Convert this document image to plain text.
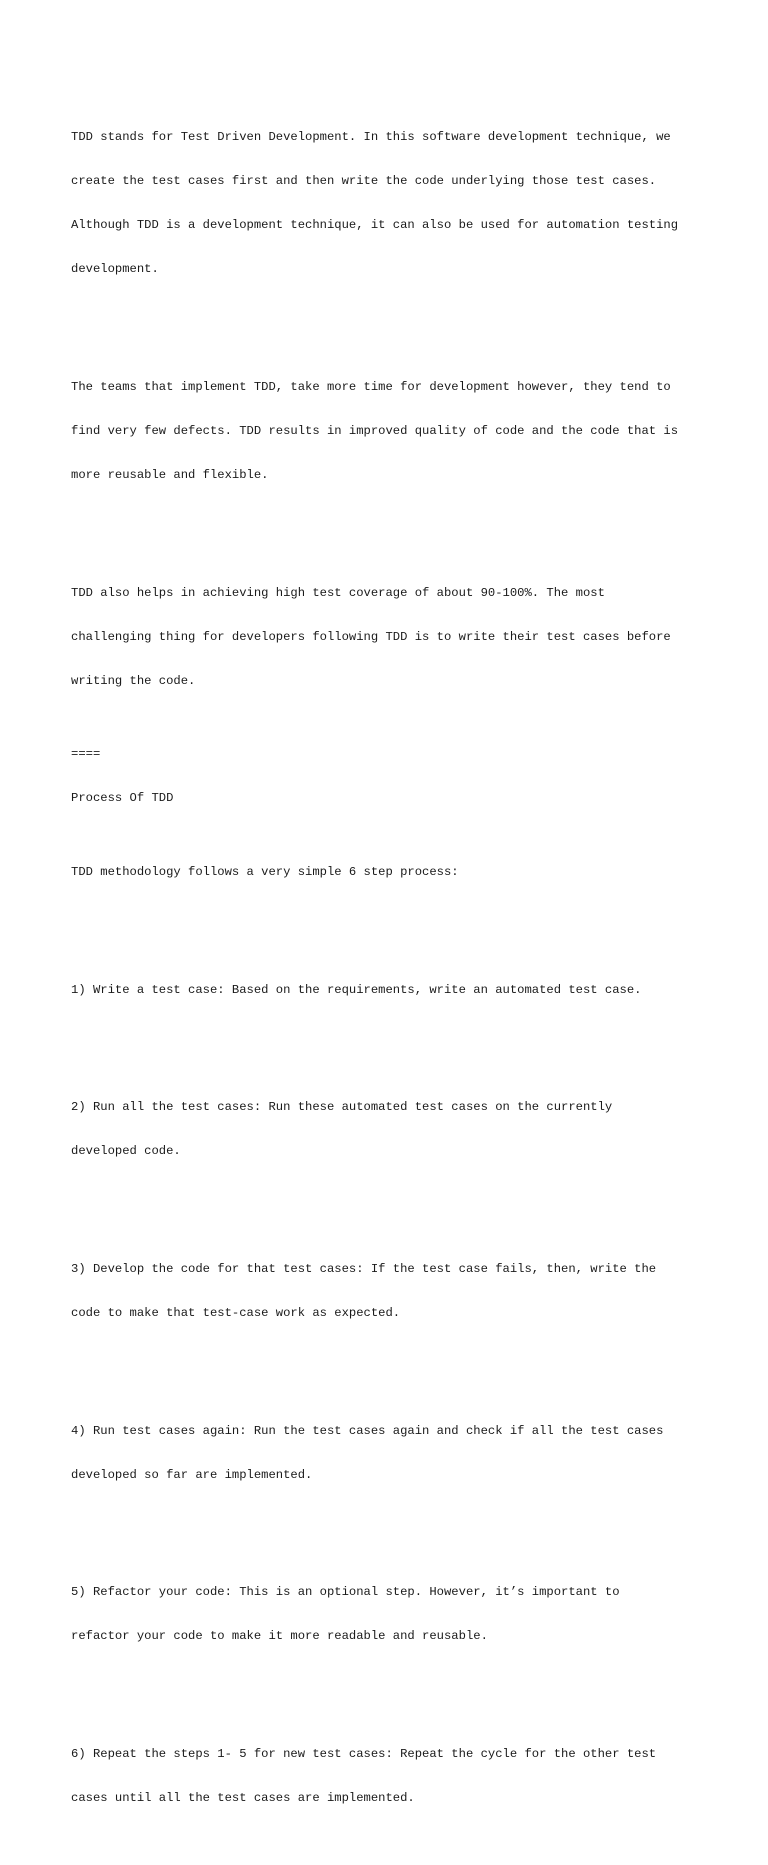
TDD stands for Test Driven Development. In this software development technique, we

create the test cases first and then write the code underlying those test cases.

Although TDD is a development technique, it can also be used for automation testing

development.

The teams that implement TDD, take more time for development however, they tend to

find very few defects. TDD results in improved quality of code and the code that is

more reusable and flexible.

TDD also helps in achieving high test coverage of about 90-100%. The most

challenging thing for developers following TDD is to write their test cases before

writing the code.

====

Process Of TDD

TDD methodology follows a very simple 6 step process:

1) Write a test case: Based on the requirements, write an automated test case.

2) Run all the test cases: Run these automated test cases on the currently

developed code.

3) Develop the code for that test cases: If the test case fails, then, write the

code to make that test-case work as expected.

4) Run test cases again: Run the test cases again and check if all the test cases

developed so far are implemented.

5) Refactor your code: This is an optional step. However, it’s important to

refactor your code to make it more readable and reusable.

6) Repeat the steps 1- 5 for new test cases: Repeat the cycle for the other test

cases until all the test cases are implemented.
